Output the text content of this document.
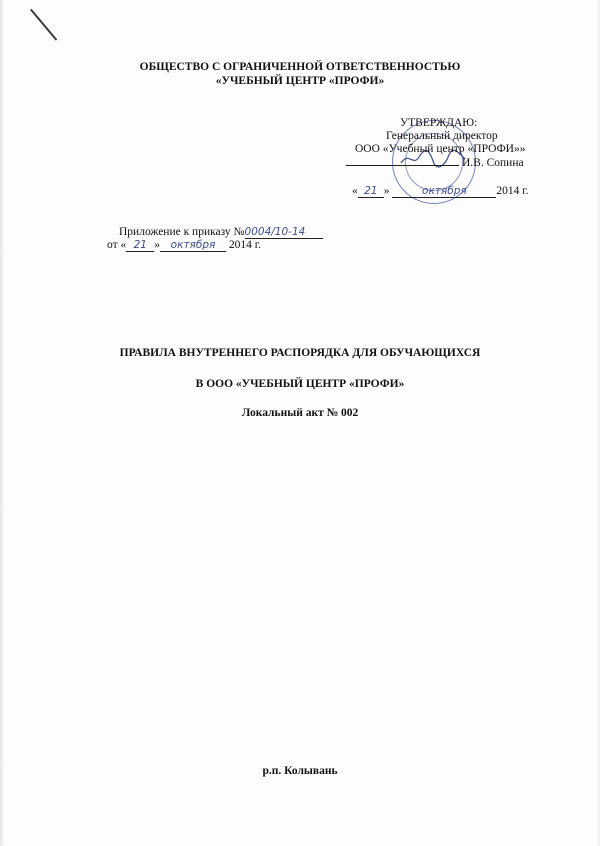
ОБЩЕСТВО С ОГРАНИЧЕННОЙ ОТВЕТСТВЕННОСТЬЮ
«УЧЕБНЫЙ ЦЕНТР «ПРОФИ»
УТВЕРЖДАЮ:
Генеральный директор
ООО «Учебный центр «ПРОФИ»»
И.В. Сопина
« 21 »	октября	2014 г.
Приложение к приказу №0004/10-14
от « 21 » октября 2014 г.
ПРАВИЛА ВНУТРЕННЕГО РАСПОРЯДКА ДЛЯ ОБУЧАЮЩИХСЯ
В ООО «УЧЕБНЫЙ ЦЕНТР «ПРОФИ»
Локальный акт № 002
р.п. Колывань
